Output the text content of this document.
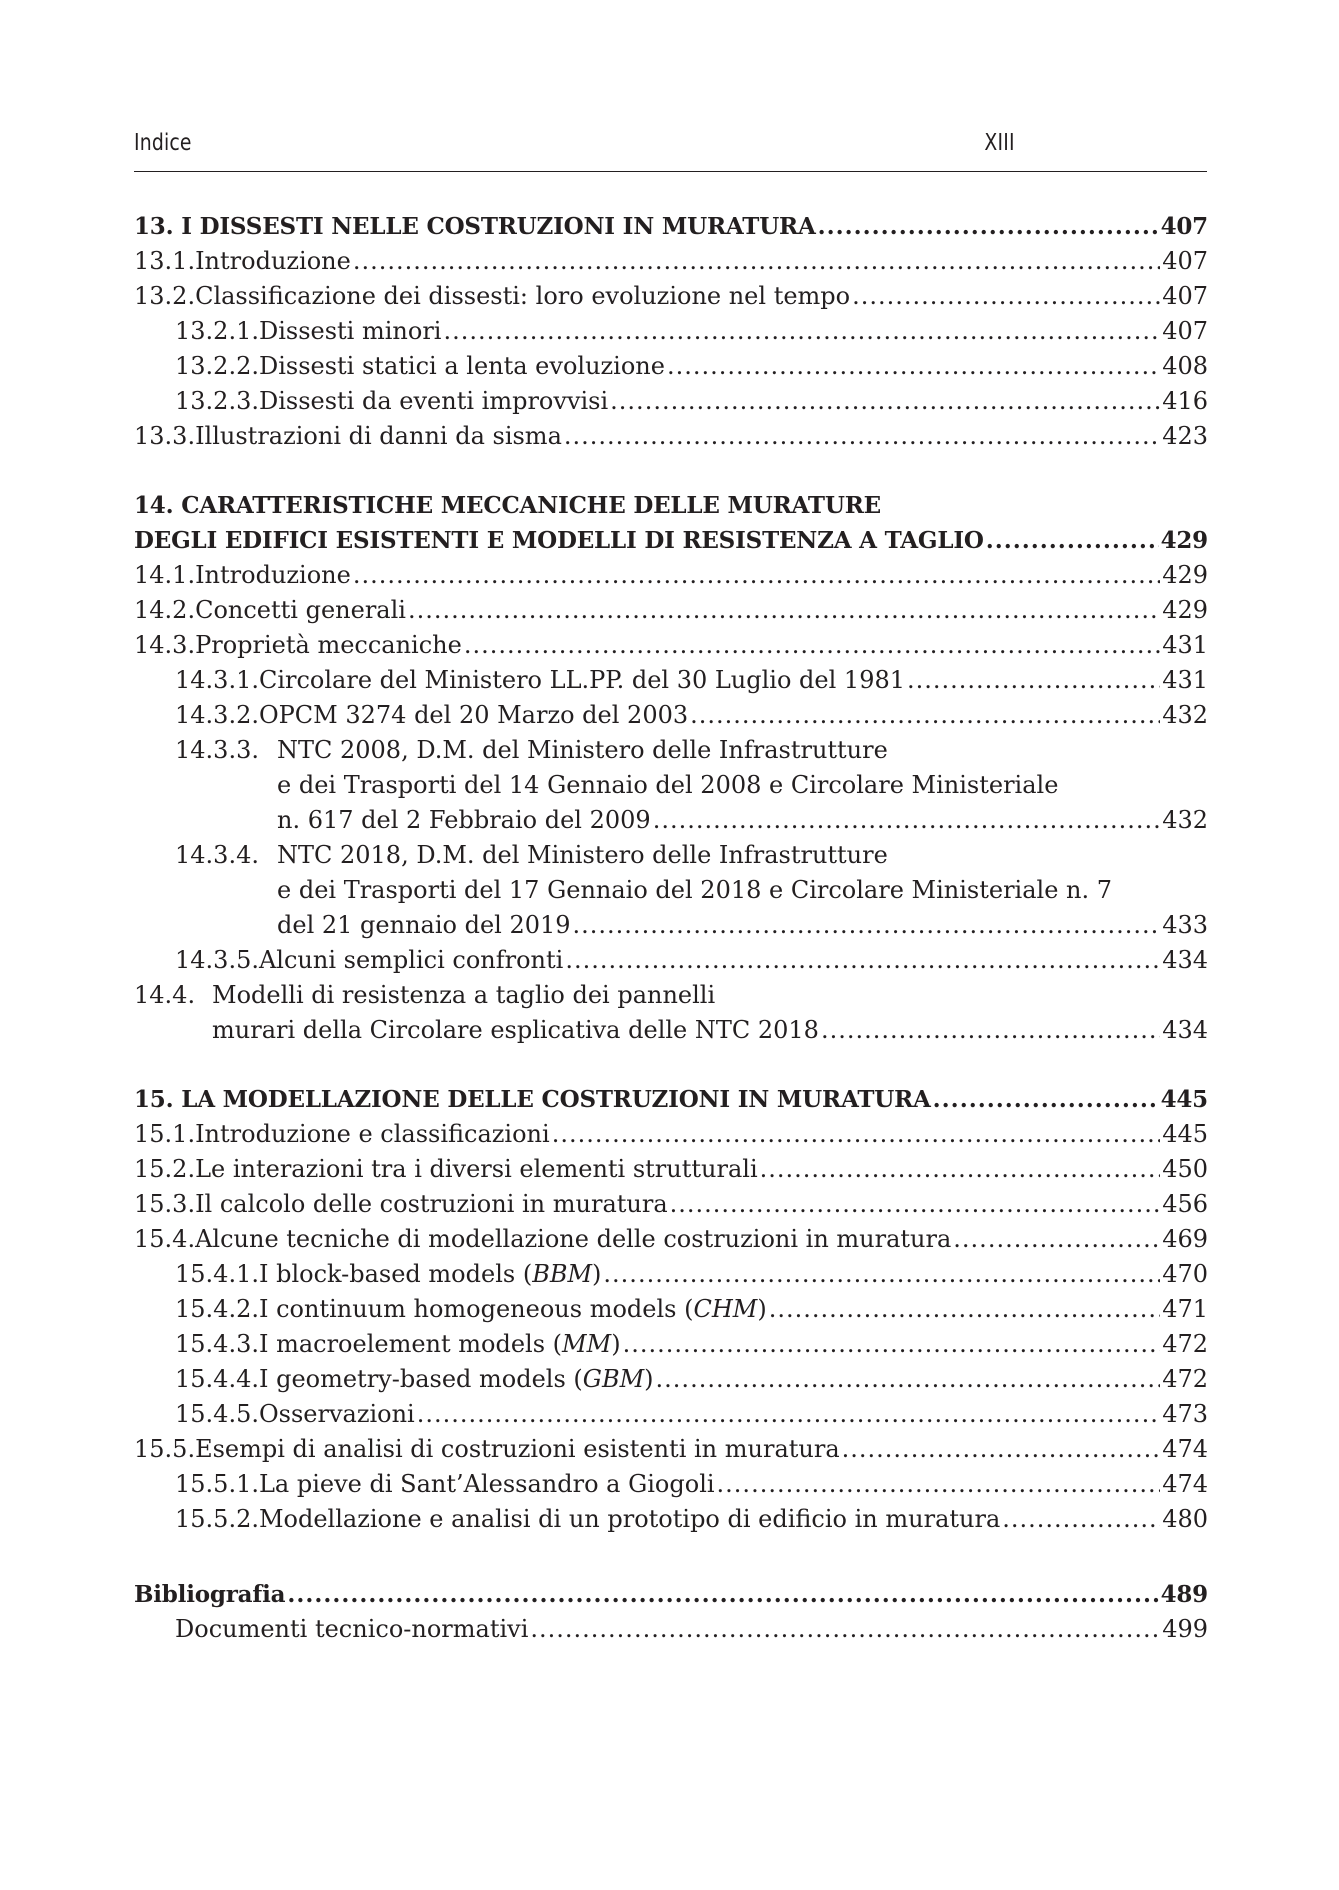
Indice	XIII
13. I DISSESTI NELLE COSTRUZIONI IN MURATURA .....	407
13.1. Introduzione .....	407
13.2. Classificazione dei dissesti: loro evoluzione nel tempo .....	407
13.2.1. Dissesti minori .....	407
13.2.2. Dissesti statici a lenta evoluzione .....	408
13.2.3. Dissesti da eventi improvvisi .....	416
13.3. Illustrazioni di danni da sisma .....	423
14. CARATTERISTICHE MECCANICHE DELLE MURATURE
DEGLI EDIFICI ESISTENTI E MODELLI DI RESISTENZA A TAGLIO .....	429
14.1. Introduzione .....	429
14.2. Concetti generali .....	429
14.3. Proprietà meccaniche .....	431
14.3.1. Circolare del Ministero LL.PP. del 30 Luglio del 1981 .....	431
14.3.2. OPCM 3274 del 20 Marzo del 2003 .....	432
14.3.3. NTC 2008, D.M. del Ministero delle Infrastrutture
e dei Trasporti del 14 Gennaio del 2008 e Circolare Ministeriale
n. 617 del 2 Febbraio del 2009 .....	432
14.3.4. NTC 2018, D.M. del Ministero delle Infrastrutture
e dei Trasporti del 17 Gennaio del 2018 e Circolare Ministeriale n. 7
del 21 gennaio del 2019 .....	433
14.3.5. Alcuni semplici confronti .....	434
14.4. Modelli di resistenza a taglio dei pannelli
murari della Circolare esplicativa delle NTC 2018 .....	434
15. LA MODELLAZIONE DELLE COSTRUZIONI IN MURATURA .....	445
15.1. Introduzione e classificazioni .....	445
15.2. Le interazioni tra i diversi elementi strutturali .....	450
15.3. Il calcolo delle costruzioni in muratura .....	456
15.4. Alcune tecniche di modellazione delle costruzioni in muratura .....	469
15.4.1. I block-based models (BBM) .....	470
15.4.2. I continuum homogeneous models (CHM) .....	471
15.4.3. I macroelement models (MM) .....	472
15.4.4. I geometry-based models (GBM) .....	472
15.4.5. Osservazioni .....	473
15.5. Esempi di analisi di costruzioni esistenti in muratura .....	474
15.5.1. La pieve di Sant’Alessandro a Giogoli .....	474
15.5.2. Modellazione e analisi di un prototipo di edificio in muratura .....	480
Bibliografia .....	489
Documenti tecnico-normativi .....	499
